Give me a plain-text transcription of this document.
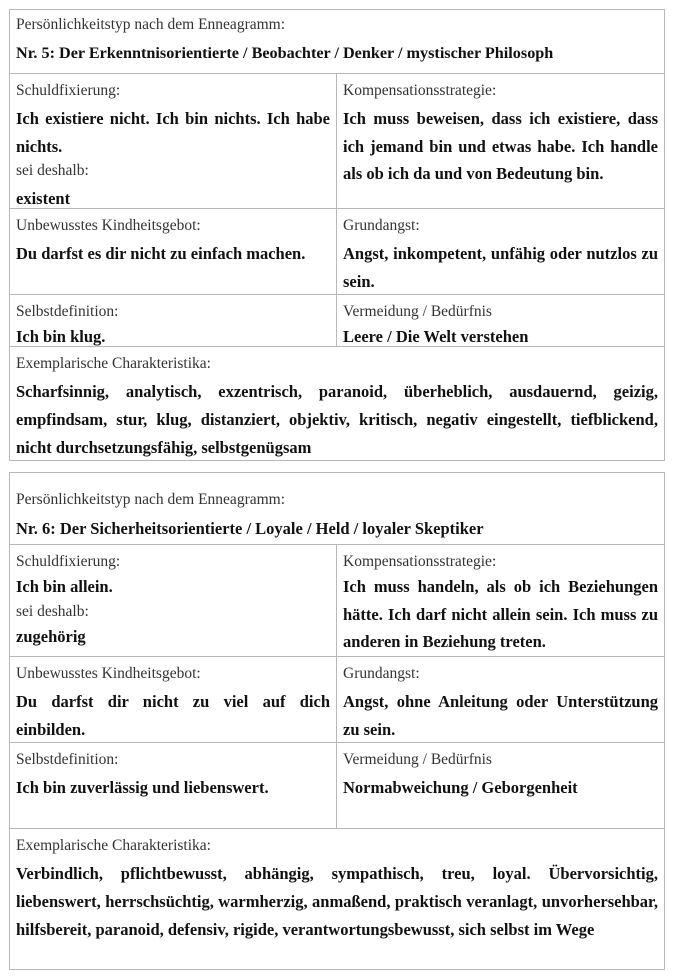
Persönlichkeitstyp nach dem Enneagramm:

Nr. 5: Der Erkenntnisorientierte / Beobachter / Denker / mystischer Philosoph

Schuldfixierung:

Ich existiere nicht. Ich bin nichts. Ich habe nichts.

sei deshalb:

existent

Kompensationsstrategie:

Ich muss beweisen, dass ich existiere, dass ich jemand bin und etwas habe. Ich handle als ob ich da und von Bedeutung bin.

Unbewusstes Kindheitsgebot:

Du darfst es dir nicht zu einfach machen.

Grundangst:

Angst, inkompetent, unfähig oder nutzlos zu sein.

Selbstdefinition:

Ich bin klug.

Vermeidung / Bedürfnis

Leere / Die Welt verstehen

Exemplarische Charakteristika:

Scharfsinnig, analytisch, exzentrisch, paranoid, überheblich, ausdauernd, geizig, empfindsam, stur, klug, distanziert, objektiv, kritisch, negativ eingestellt, tiefblickend, nicht durchsetzungsfähig, selbstgenügsam

Persönlichkeitstyp nach dem Enneagramm:

Nr. 6: Der Sicherheitsorientierte / Loyale / Held / loyaler Skeptiker

Schuldfixierung:

Ich bin allein.

sei deshalb:

zugehörig

Kompensationsstrategie:

Ich muss handeln, als ob ich Beziehungen hätte. Ich darf nicht allein sein. Ich muss zu anderen in Beziehung treten.

Unbewusstes Kindheitsgebot:

Du darfst dir nicht zu viel auf dich einbilden.

Grundangst:

Angst, ohne Anleitung oder Unterstützung zu sein.

Selbstdefinition:

Ich bin zuverlässig und liebenswert.

Vermeidung / Bedürfnis

Normabweichung / Geborgenheit

Exemplarische Charakteristika:

Verbindlich, pflichtbewusst, abhängig, sympathisch, treu, loyal. Übervorsichtig, liebenswert, herrschsüchtig, warmherzig, anmaßend, praktisch veranlagt, unvorhersehbar, hilfsbereit, paranoid, defensiv, rigide, verantwortungsbewusst, sich selbst im Wege
